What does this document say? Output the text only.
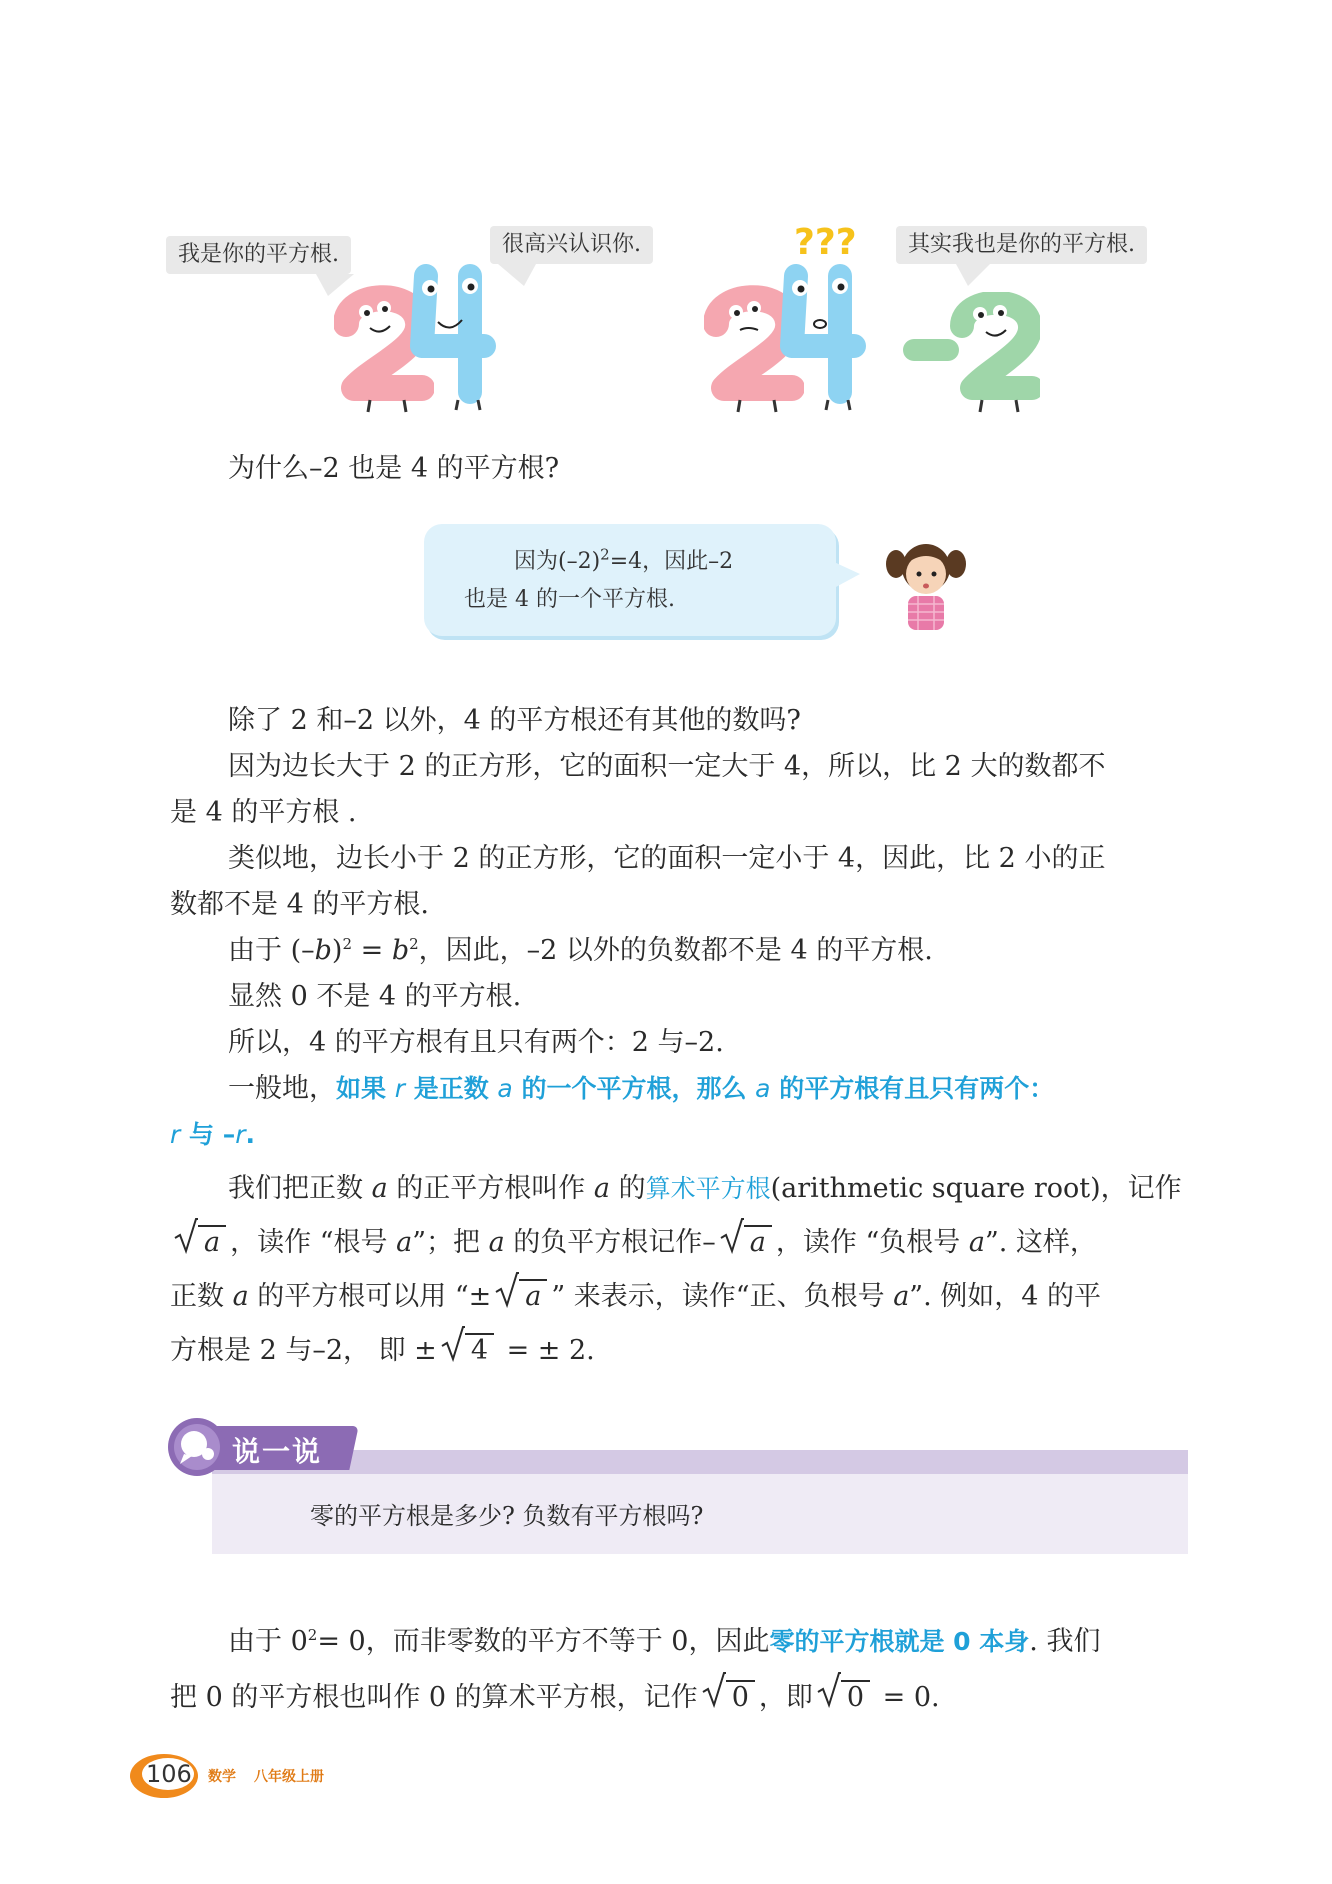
我是你的平方根.	很高兴认识你.	其实我也是你的平方根.
???
为什么–2 也是 4 的平方根?
因为$(-2)^2=4$，因此–2
也是 4 的一个平方根.
除了 2 和–2 以外，4 的平方根还有其他的数吗?
因为边长大于 2 的正方形，它的面积一定大于 4，所以，比 2 大的数都不
是 4 的平方根 .
类似地，边长小于 2 的正方形，它的面积一定小于 4，因此，比 2 小的正
数都不是 4 的平方根.
由于 $(-b)^2 = b^2$，因此，–2 以外的负数都不是 4 的平方根.
显然 0 不是 4 的平方根.
所以，4 的平方根有且只有两个：2 与–2.
一般地，如果 r 是正数 a 的一个平方根，那么 a 的平方根有且只有两个：
r 与 –r.
我们把正数 a 的正平方根叫作 a 的算术平方根(arithmetic square root)，记作
a ，读作 “根号 a”；把 a 的负平方根记作– a ，读作 “负根号 a”. 这样，
正数 a 的平方根可以用 “± a ” 来表示，读作“正、负根号 a”. 例如，4 的平
方根是 2 与–2， 即 ± 4 = ± 2.
说一说
零的平方根是多少? 负数有平方根吗?
由于 $0^2= 0$，而非零数的平方不等于 0，因此零的平方根就是 0 本身. 我们
把 0 的平方根也叫作 0 的算术平方根，记作 0 ，即 0 = 0.
106 数学 八年级上册
